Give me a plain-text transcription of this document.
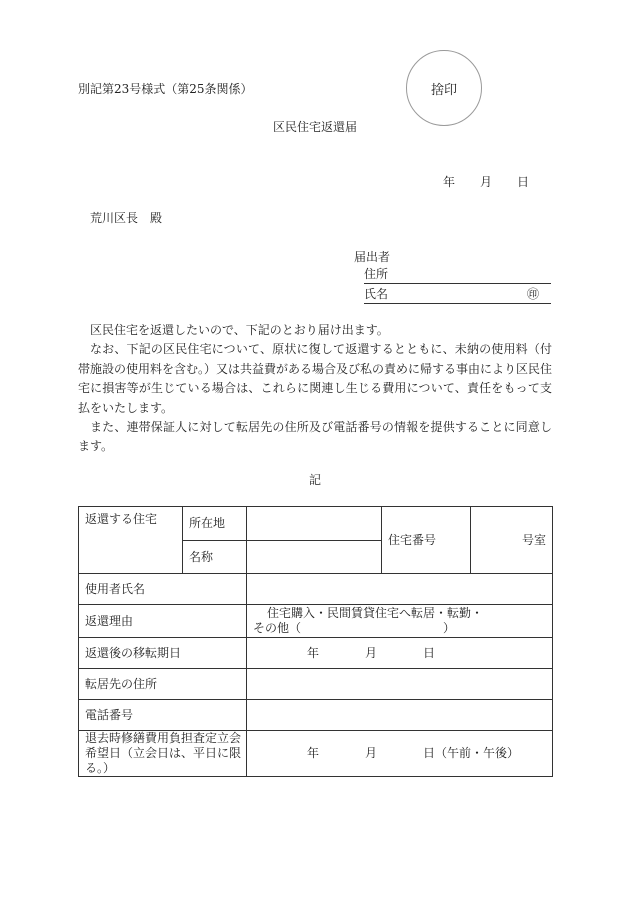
別記第23号様式（第25条関係）	捨印
区民住宅返還届
年	月	日
荒川区長　殿
届出者
住所
氏名	㊞

区民住宅を返還したいので、下記のとおり届け出ます。

なお、下記の区民住宅について、原状に復して返還するとともに、未納の使用料（付帯施設の使用料を含む。）又は共益費がある場合及び私の責めに帰する事由により区民住宅に損害等が生じている場合は、これらに関連し生じる費用について、責任をもって支払をいたします。

また、連帯保証人に対して転居先の住所及び電話番号の情報を提供することに同意します。

記
返還する住宅	所在地		住宅番号	号室
	名称			
使用者氏名				
返還理由		住宅購入・民間賃貸住宅へ転居・転勤・
その他（ ）		

返還後の移転期日		年 月 日		

転居先の住所				
電話番号				
退去時修繕費用負担査定立会希望日（立会日は、平日に限る。）		年 月 日（午前・午後）		
